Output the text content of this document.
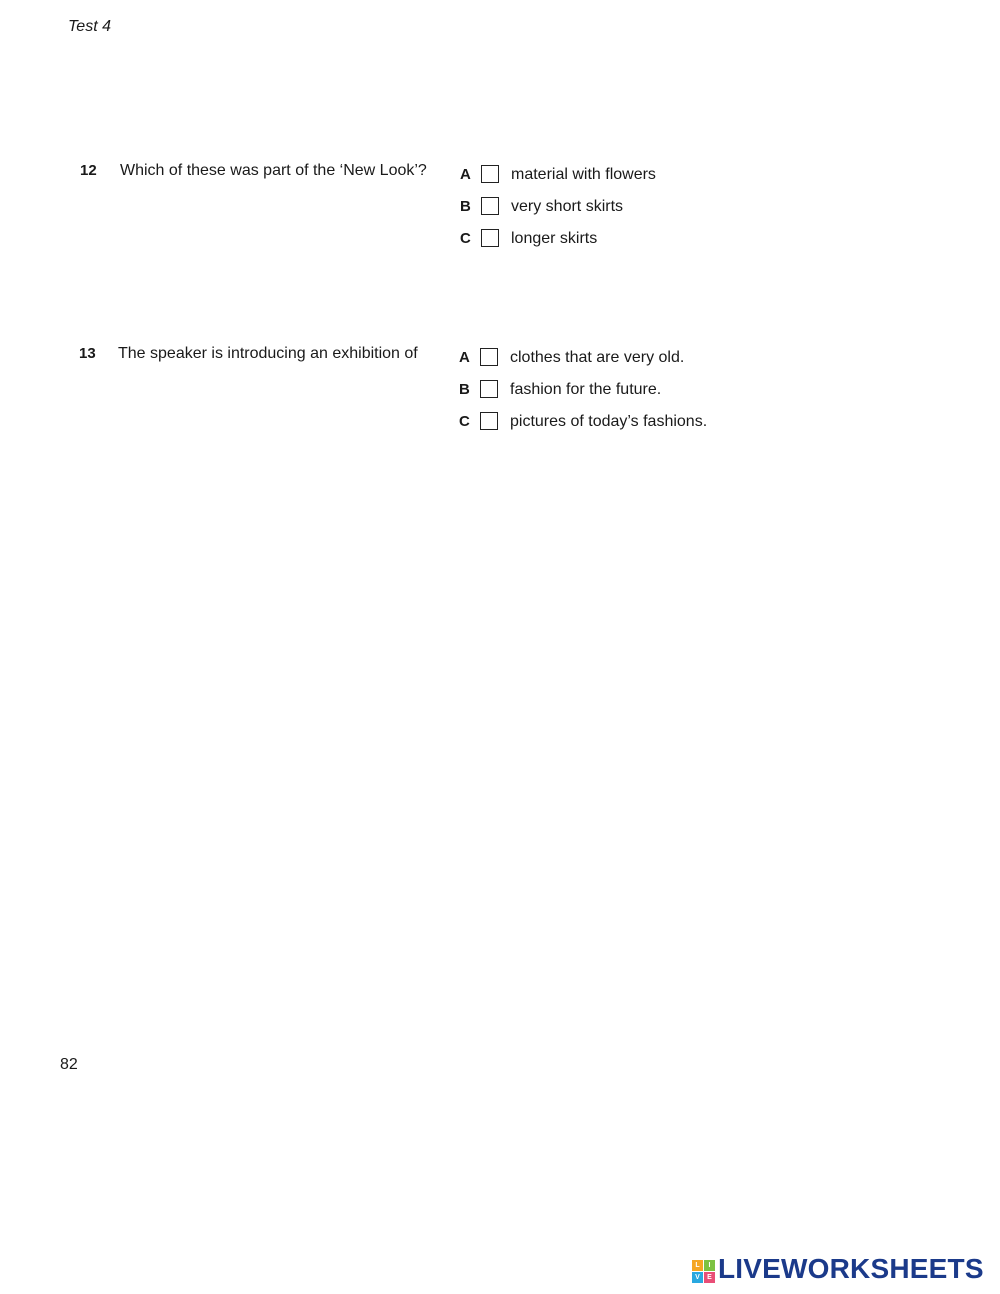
Test 4
12 Which of these was part of the ‘New Look’? A	material with flowers
B	very short skirts
C	longer skirts
13 The speaker is introducing an exhibition of	A	clothes that are very old.
B	fashion for the future.
C	pictures of today’s fashions.
82
L	I
V	E LIVEWORKSHEETS
